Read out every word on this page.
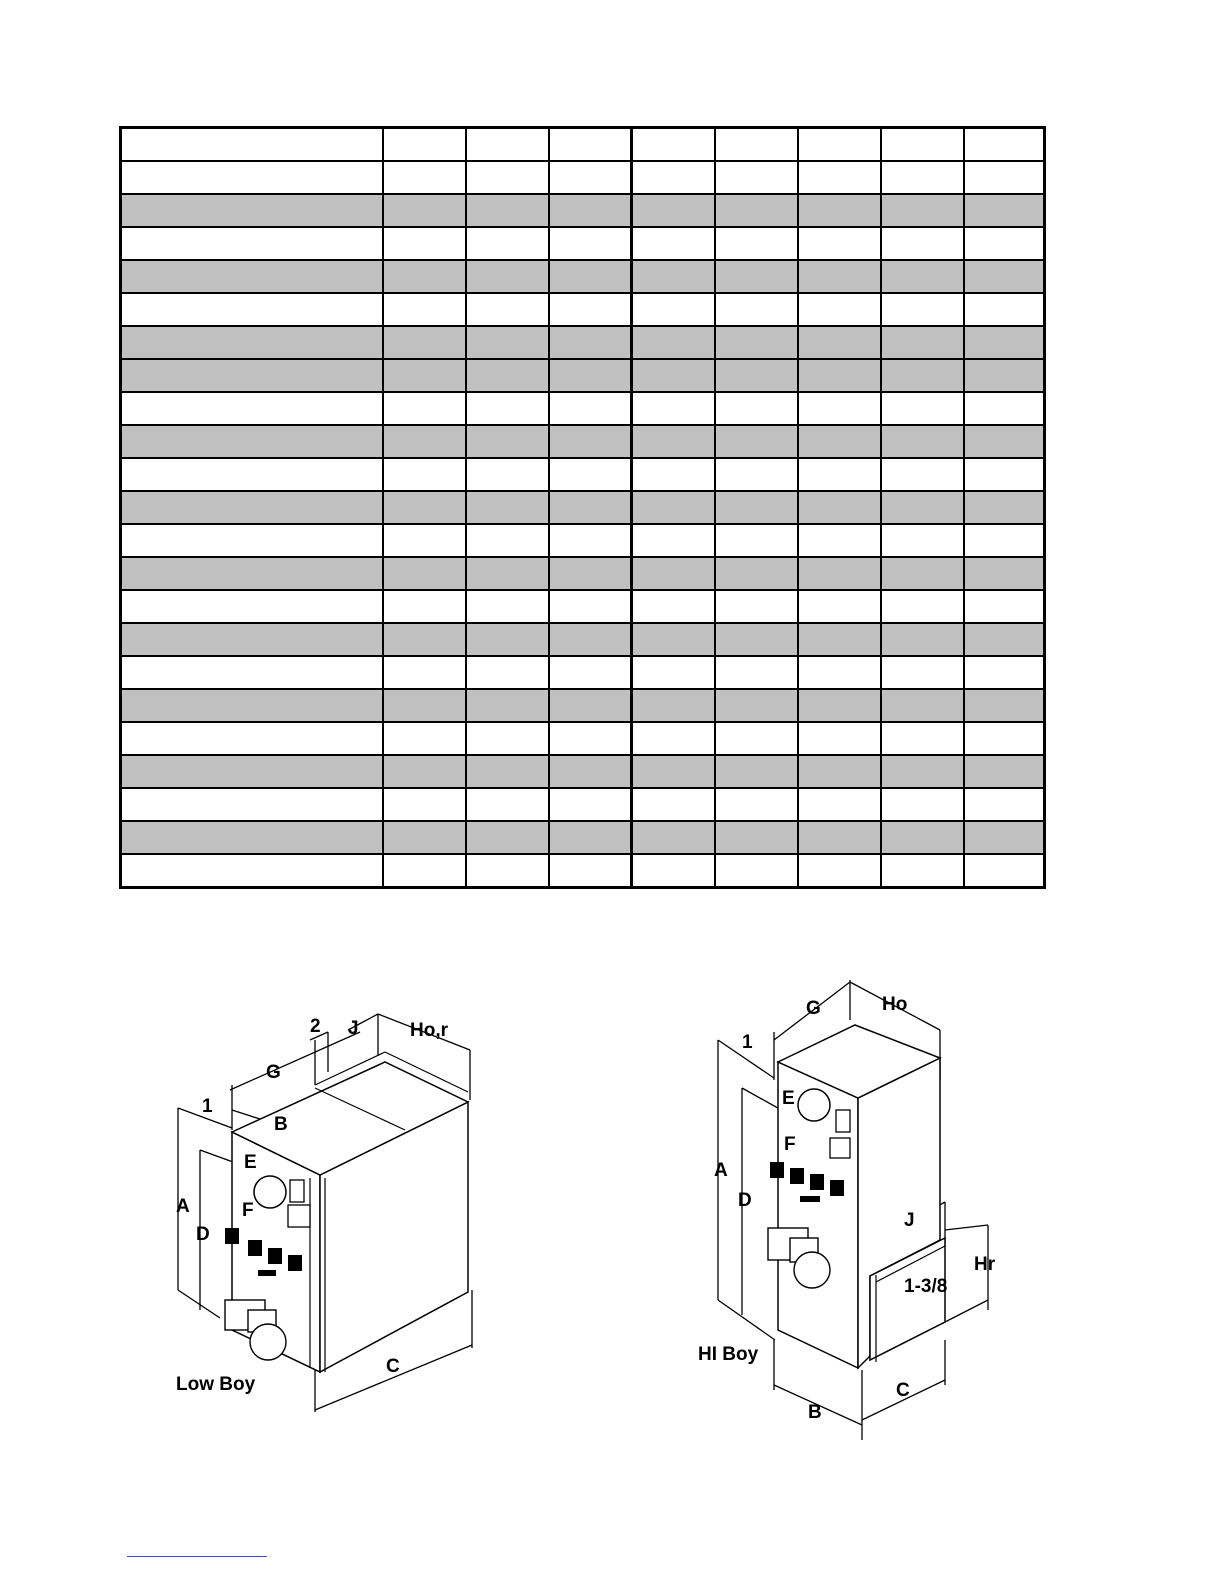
1
2 J	Ho,r
G
B
E
F
A
D
C
Low Boy
1
G	Ho
E
F
A
D
J
Hr
1-3/8
B
C
HI Boy
